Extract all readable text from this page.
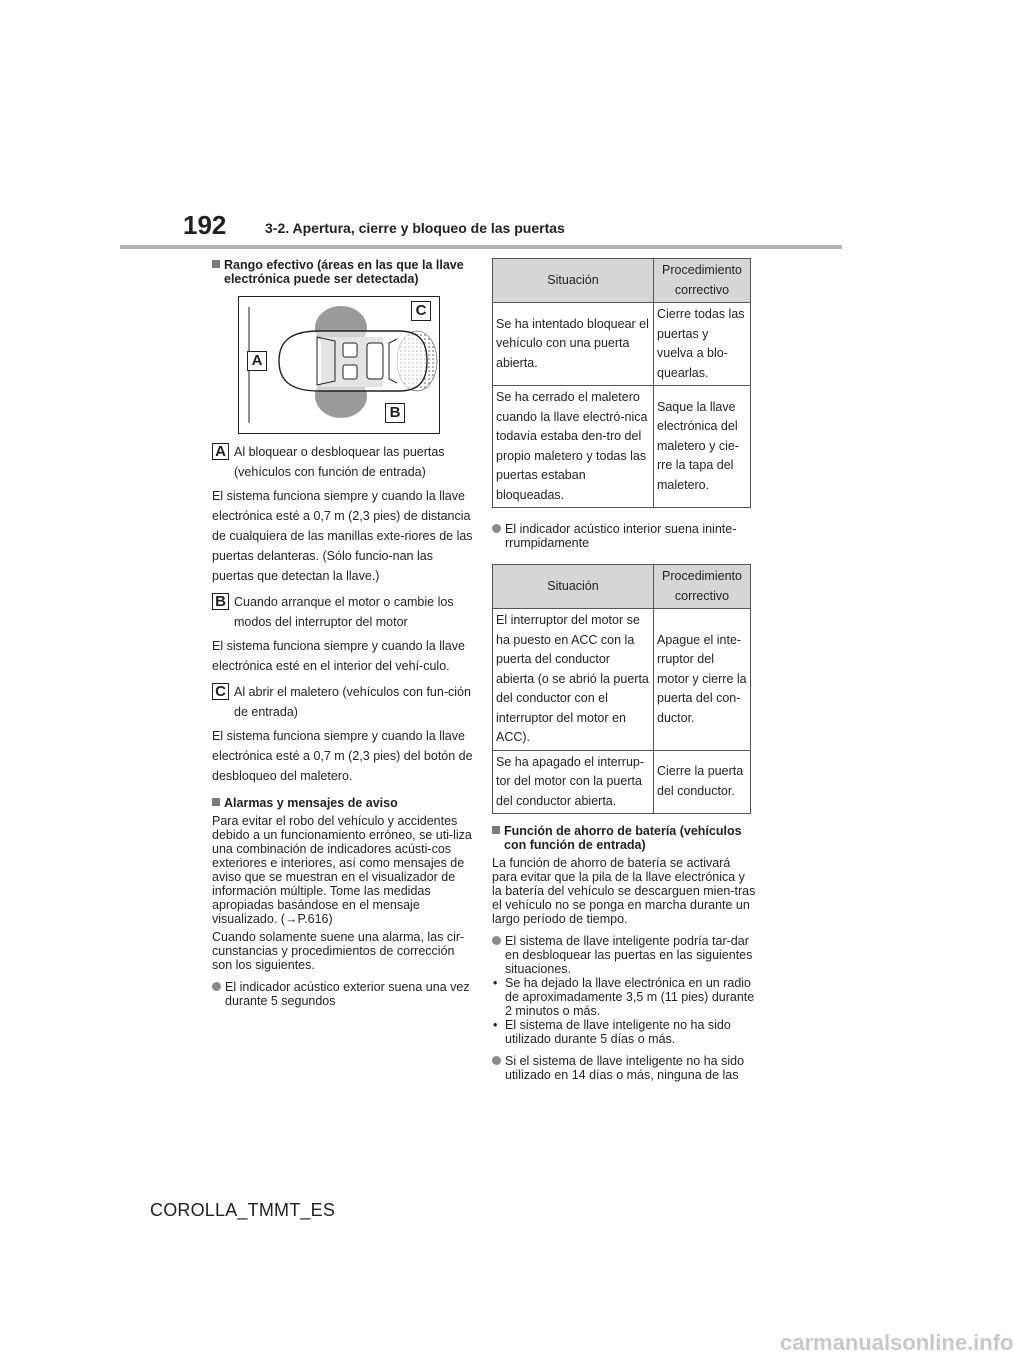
192	3-2. Apertura, cierre y bloqueo de las puertas
Rango efectivo (áreas en las que la llave electrónica puede ser detectada)
A
B
C
A Al bloquear o desbloquear las puertas (vehículos con función de entrada)

El sistema funciona siempre y cuando la llave electrónica esté a 0,7 m (2,3 pies) de distancia de cualquiera de las manillas exte-riores de las puertas delanteras. (Sólo funcio-nan las puertas que detectan la llave.)

B Cuando arranque el motor o cambie los modos del interruptor del motor

El sistema funciona siempre y cuando la llave electrónica esté en el interior del vehí-culo.

C Al abrir el maletero (vehículos con fun-ción de entrada)

El sistema funciona siempre y cuando la llave electrónica esté a 0,7 m (2,3 pies) del botón de desbloqueo del maletero.

Alarmas y mensajes de aviso

Para evitar el robo del vehículo y accidentes debido a un funcionamiento erróneo, se uti-liza una combinación de indicadores acústi-cos exteriores e interiores, así como mensajes de aviso que se muestran en el visualizador de información múltiple. Tome las medidas apropiadas basándose en el mensaje visualizado. (→P.616)

Cuando solamente suene una alarma, las cir-cunstancias y procedimientos de corrección son los siguientes.

El indicador acústico exterior suena una vez durante 5 segundos
Situación	Procedimiento correctivo
Se ha intentado bloquear el vehículo con una puerta abierta.	Cierre todas las puertas y vuelva a blo-quearlas.
Se ha cerrado el maletero cuando la llave electró-nica todavía estaba den-tro del propio maletero y todas las puertas estaban bloqueadas.	Saque la llave electrónica del maletero y cie-rre la tapa del maletero.
El indicador acústico interior suena ininte-rrumpidamente
Situación	Procedimiento correctivo
El interruptor del motor se ha puesto en ACC con la puerta del conductor abierta (o se abrió la puerta del conductor con el interruptor del motor en ACC).	Apague el inte-rruptor del motor y cierre la puerta del con-ductor.
Se ha apagado el interrup-tor del motor con la puerta del conductor abierta.	Cierre la puerta del conductor.
Función de ahorro de batería (vehículos con función de entrada)

La función de ahorro de batería se activará para evitar que la pila de la llave electrónica y la batería del vehículo se descarguen mien-tras el vehículo no se ponga en marcha durante un largo período de tiempo.

El sistema de llave inteligente podría tar-dar en desbloquear las puertas en las siguientes situaciones.
• Se ha dejado la llave electrónica en un radio de aproximadamente 3,5 m (11 pies) durante 2 minutos o más.
• El sistema de llave inteligente no ha sido utilizado durante 5 días o más.
Si el sistema de llave inteligente no ha sido utilizado en 14 días o más, ninguna de las
COROLLA_TMMT_ES
carmanualsonline.info
